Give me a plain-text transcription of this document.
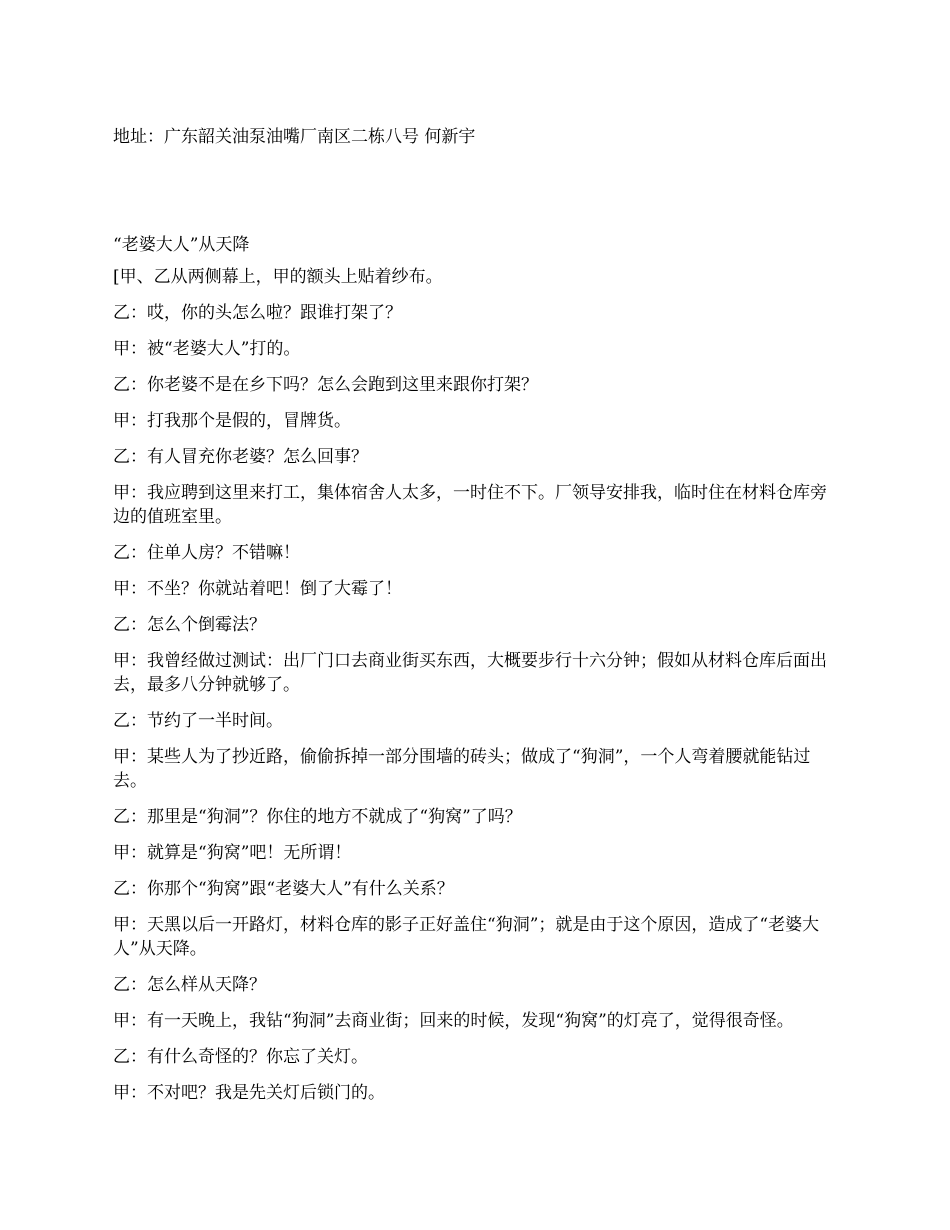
地址：广东韶关油泵油嘴厂南区二栋八号 何新宇
“老婆大人”从天降

[甲、乙从两侧幕上，甲的额头上贴着纱布。

乙：哎，你的头怎么啦？跟谁打架了？

甲：被“老婆大人”打的。

乙：你老婆不是在乡下吗？怎么会跑到这里来跟你打架？

甲：打我那个是假的，冒牌货。

乙：有人冒充你老婆？怎么回事？

甲：我应聘到这里来打工，集体宿舍人太多，一时住不下。厂领导安排我，临时住在材料仓库旁边的值班室里。

乙：住单人房？不错嘛！

甲：不坐？你就站着吧！倒了大霉了！

乙：怎么个倒霉法？

甲：我曾经做过测试：出厂门口去商业街买东西，大概要步行十六分钟；假如从材料仓库后面出去，最多八分钟就够了。

乙：节约了一半时间。

甲：某些人为了抄近路，偷偷拆掉一部分围墙的砖头；做成了“狗洞”，一个人弯着腰就能钻过去。

乙：那里是“狗洞”？你住的地方不就成了“狗窝”了吗？

甲：就算是“狗窝”吧！无所谓！

乙：你那个“狗窝”跟“老婆大人”有什么关系？

甲：天黑以后一开路灯，材料仓库的影子正好盖住“狗洞”；就是由于这个原因，造成了“老婆大人”从天降。

乙：怎么样从天降？

甲：有一天晚上，我钻“狗洞”去商业街；回来的时候，发现“狗窝”的灯亮了，觉得很奇怪。

乙：有什么奇怪的？你忘了关灯。

甲：不对吧？我是先关灯后锁门的。
